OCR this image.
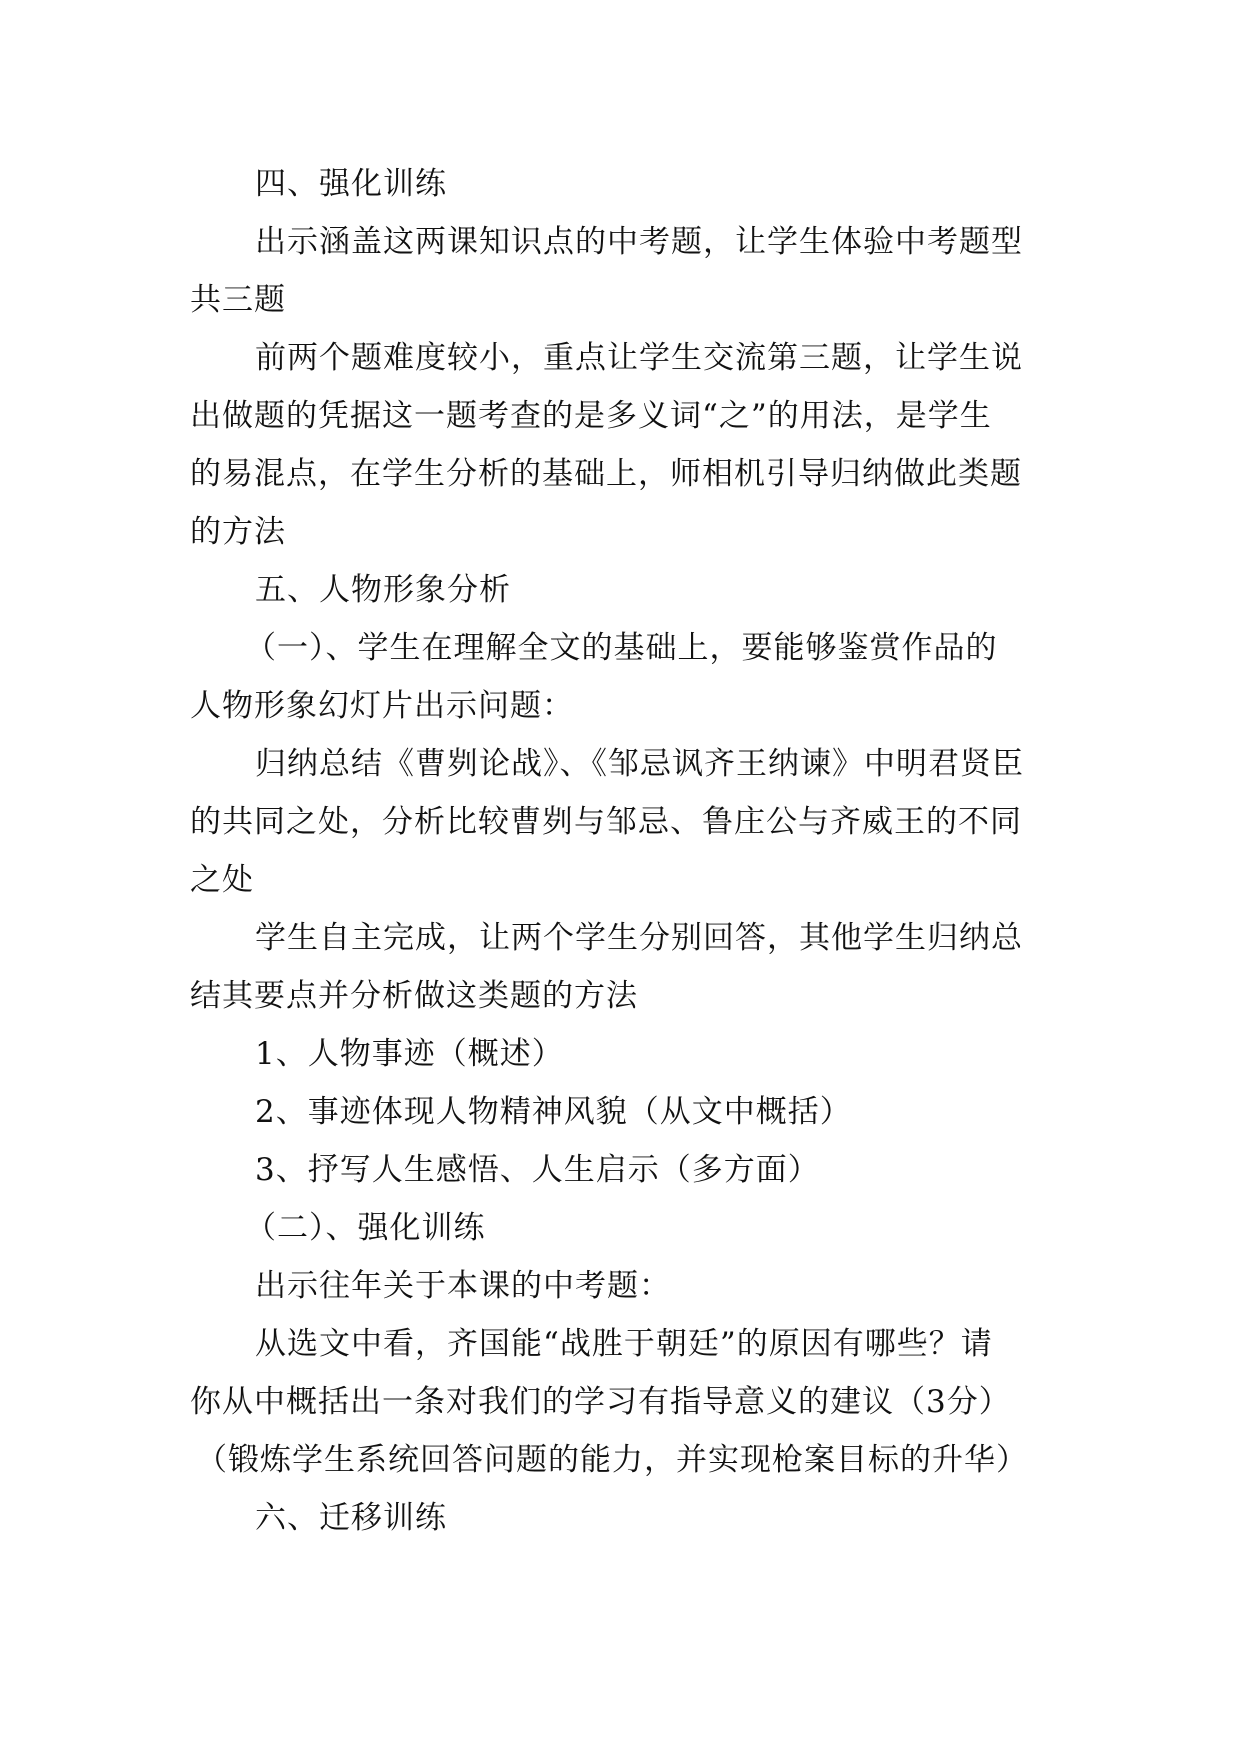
四、强化训练
出示涵盖这两课知识点的中考题，让学生体验中考题型
共三题
前两个题难度较小，重点让学生交流第三题，让学生说
出做题的凭据这一题考查的是多义词“之”的用法，是学生
的易混点，在学生分析的基础上，师相机引导归纳做此类题
的方法
五、人物形象分析
（一）、学生在理解全文的基础上，要能够鉴赏作品的
人物形象幻灯片出示问题：
归纳总结《曹刿论战》、《邹忌讽齐王纳谏》中明君贤臣
的共同之处，分析比较曹刿与邹忌、鲁庄公与齐威王的不同
之处
学生自主完成，让两个学生分别回答，其他学生归纳总
结其要点并分析做这类题的方法
1、人物事迹（概述）
2、事迹体现人物精神风貌（从文中概括）
3、抒写人生感悟、人生启示（多方面）
（二）、强化训练
出示往年关于本课的中考题：
从选文中看，齐国能“战胜于朝廷”的原因有哪些？请
你从中概括出一条对我们的学习有指导意义的建议（3分）
（锻炼学生系统回答问题的能力，并实现枪案目标的升华）
六、迁移训练
